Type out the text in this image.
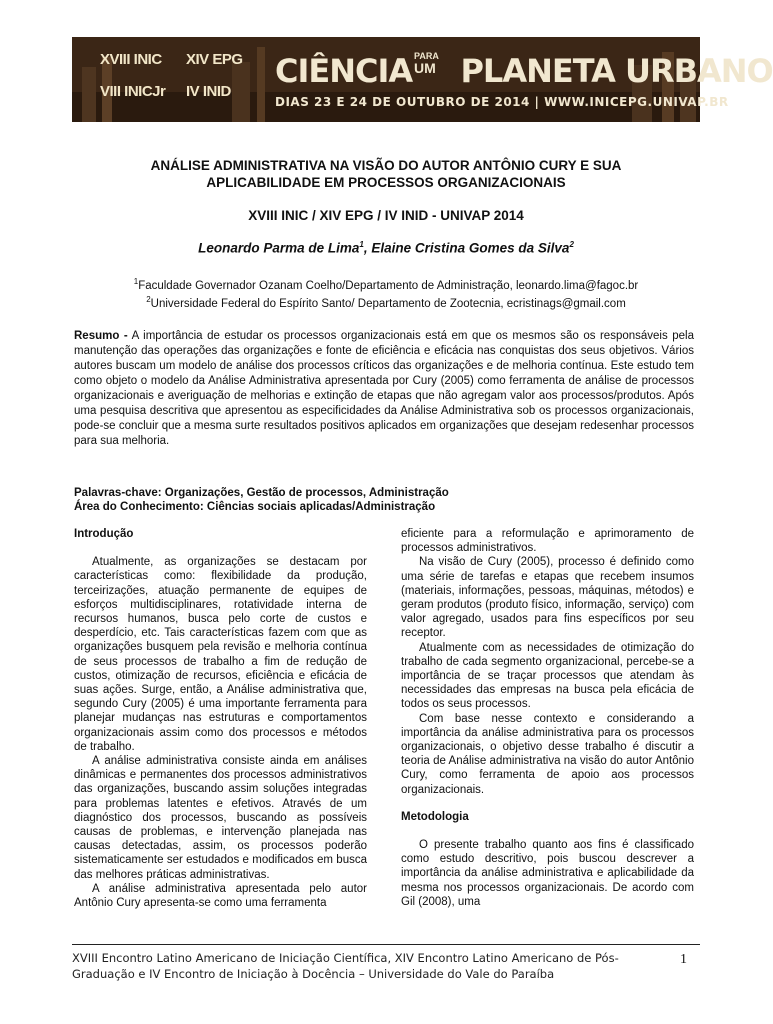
XVIII INIC XIV EPG
VIII INICJr IV INID
CIÊNCIA PLANETA URBANO
PARA
UM
DIAS 23 E 24 DE OUTUBRO DE 2014 | WWW.INICEPG.UNIVAP.BR
ANÁLISE ADMINISTRATIVA NA VISÃO DO AUTOR ANTÔNIO CURY E SUA
APLICABILIDADE EM PROCESSOS ORGANIZACIONAIS
XVIII INIC / XIV EPG / IV INID - UNIVAP 2014
Leonardo Parma de Lima$^1$, Elaine Cristina Gomes da Silva$^2$
$^1$Faculdade Governador Ozanam Coelho/Departamento de Administração, leonardo.lima@fagoc.br
$^2$Universidade Federal do Espírito Santo/ Departamento de Zootecnia, ecristinags@gmail.com
Resumo - A importância de estudar os processos organizacionais está em que os mesmos são os responsáveis pela manutenção das operações das organizações e fonte de eficiência e eficácia nas conquistas dos seus objetivos. Vários autores buscam um modelo de análise dos processos críticos das organizações e de melhoria contínua. Este estudo tem como objeto o modelo da Análise Administrativa apresentada por Cury (2005) como ferramenta de análise de processos organizacionais e averiguação de melhorias e extinção de etapas que não agregam valor aos processos/produtos. Após uma pesquisa descritiva que apresentou as especificidades da Análise Administrativa sob os processos organizacionais, pode-se concluir que a mesma surte resultados positivos aplicados em organizações que desejam redesenhar processos para sua melhoria.
Palavras-chave: Organizações, Gestão de processos, Administração
Área do Conhecimento: Ciências sociais aplicadas/Administração
Introdução

Atualmente, as organizações se destacam por características como: flexibilidade da produção, terceirizações, atuação permanente de equipes de esforços multidisciplinares, rotatividade interna de recursos humanos, busca pelo corte de custos e desperdício, etc. Tais características fazem com que as organizações busquem pela revisão e melhoria contínua de seus processos de trabalho a fim de redução de custos, otimização de recursos, eficiência e eficácia de suas ações. Surge, então, a Análise administrativa que, segundo Cury (2005) é uma importante ferramenta para planejar mudanças nas estruturas e comportamentos organizacionais assim como dos processos e métodos de trabalho.

A análise administrativa consiste ainda em análises dinâmicas e permanentes dos processos administrativos das organizações, buscando assim soluções integradas para problemas latentes e efetivos. Através de um diagnóstico dos processos, buscando as possíveis causas de problemas, e intervenção planejada nas causas detectadas, assim, os processos poderão sistematicamente ser estudados e modificados em busca das melhores práticas administrativas.

A análise administrativa apresentada pelo autor Antônio Cury apresenta-se como uma ferramenta

eficiente para a reformulação e aprimoramento de processos administrativos.

Na visão de Cury (2005), processo é definido como uma série de tarefas e etapas que recebem insumos (materiais, informações, pessoas, máquinas, métodos) e geram produtos (produto físico, informação, serviço) com valor agregado, usados para fins específicos por seu receptor.

Atualmente com as necessidades de otimização do trabalho de cada segmento organizacional, percebe-se a importância de se traçar processos que atendam às necessidades das empresas na busca pela eficácia de todos os seus processos.

Com base nesse contexto e considerando a importância da análise administrativa para os processos organizacionais, o objetivo desse trabalho é discutir a teoria de Análise administrativa na visão do autor Antônio Cury, como ferramenta de apoio aos processos organizacionais.

Metodologia

O presente trabalho quanto aos fins é classificado como estudo descritivo, pois buscou descrever a importância da análise administrativa e aplicabilidade da mesma nos processos organizacionais. De acordo com Gil (2008), uma

XVIII Encontro Latino Americano de Iniciação Científica, XIV Encontro Latino Americano de Pós-
Graduação e IV Encontro de Iniciação à Docência – Universidade do Vale do Paraíba
1
